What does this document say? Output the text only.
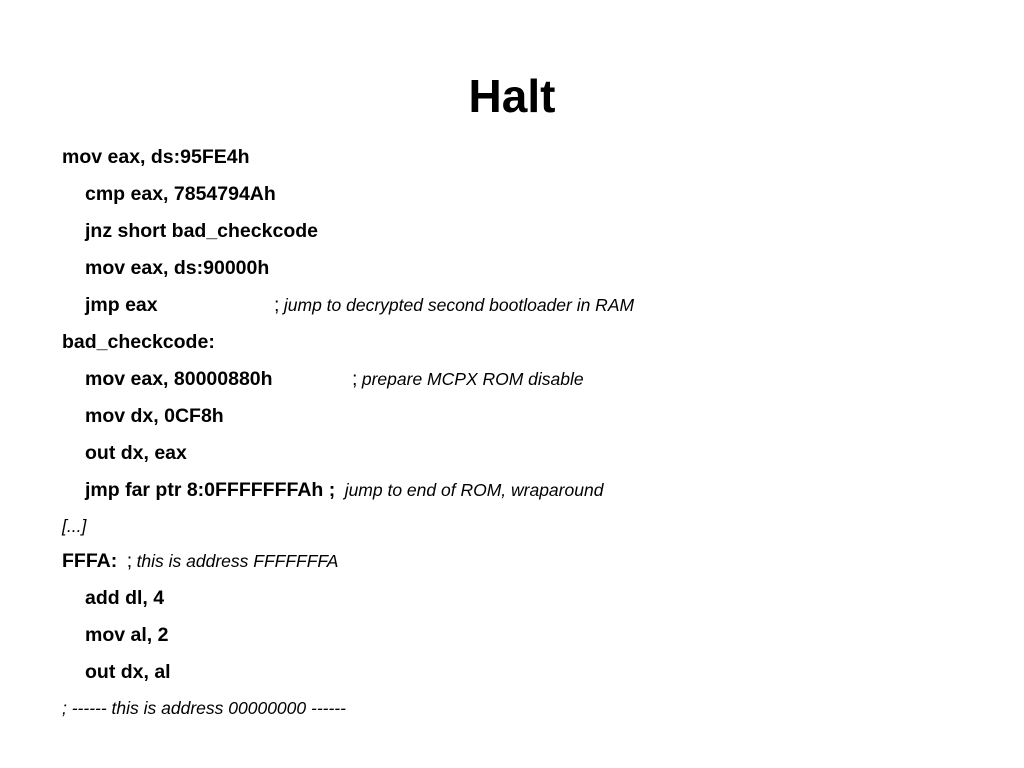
Halt
mov eax, ds:95FE4h
cmp eax, 7854794Ah
jnz short bad_checkcode
mov eax, ds:90000h
jmp eax	; jump to decrypted second bootloader in RAM
bad_checkcode:
mov eax, 80000880h	; prepare MCPX ROM disable
mov dx, 0CF8h
out dx, eax
jmp far ptr 8:0FFFFFFFAh ; jump to end of ROM, wraparound
[...]
FFFA: ; this is address FFFFFFFA
add dl, 4
mov al, 2
out dx, al
; ------ this is address 00000000 ------
